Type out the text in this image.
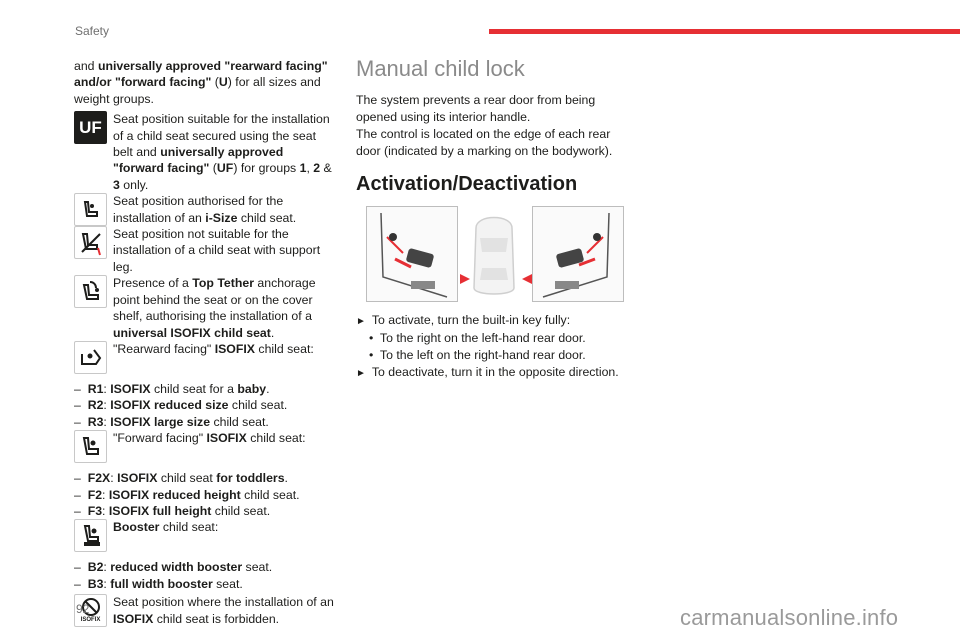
Safety

and universally approved "rearward facing" and/or "forward facing" (U) for all sizes and weight groups.

UF Seat position suitable for the installation of a child seat secured using the seat belt and universally approved "forward facing" (UF) for groups 1, 2 & 3 only.

Seat position authorised for the installation of an i-Size child seat.

Seat position not suitable for the installation of a child seat with support leg.

Presence of a Top Tether anchorage point behind the seat or on the cover shelf, authorising the installation of a universal ISOFIX child seat.

"Rearward facing" ISOFIX child seat:

–  R1: ISOFIX child seat for a baby.

–  R2: ISOFIX reduced size child seat.

–  R3: ISOFIX large size child seat.

"Forward facing" ISOFIX child seat:

–  F2X: ISOFIX child seat for toddlers.

–  F2: ISOFIX reduced height child seat.

–  F3: ISOFIX full height child seat.

Booster child seat:

–  B2: reduced width booster seat.

–  B3: full width booster seat.

ISOFIX

Seat position where the installation of an ISOFIX child seat is forbidden.

Manual child lock

The system prevents a rear door from being opened using its interior handle.

The control is located on the edge of each rear door (indicated by a marking on the bodywork).

Activation/Deactivation

► To activate, turn the built-in key fully:

•  To the right on the left-hand rear door.

•  To the left on the right-hand rear door.

► To deactivate, turn it in the opposite direction.

92	carmanualsonline.info
